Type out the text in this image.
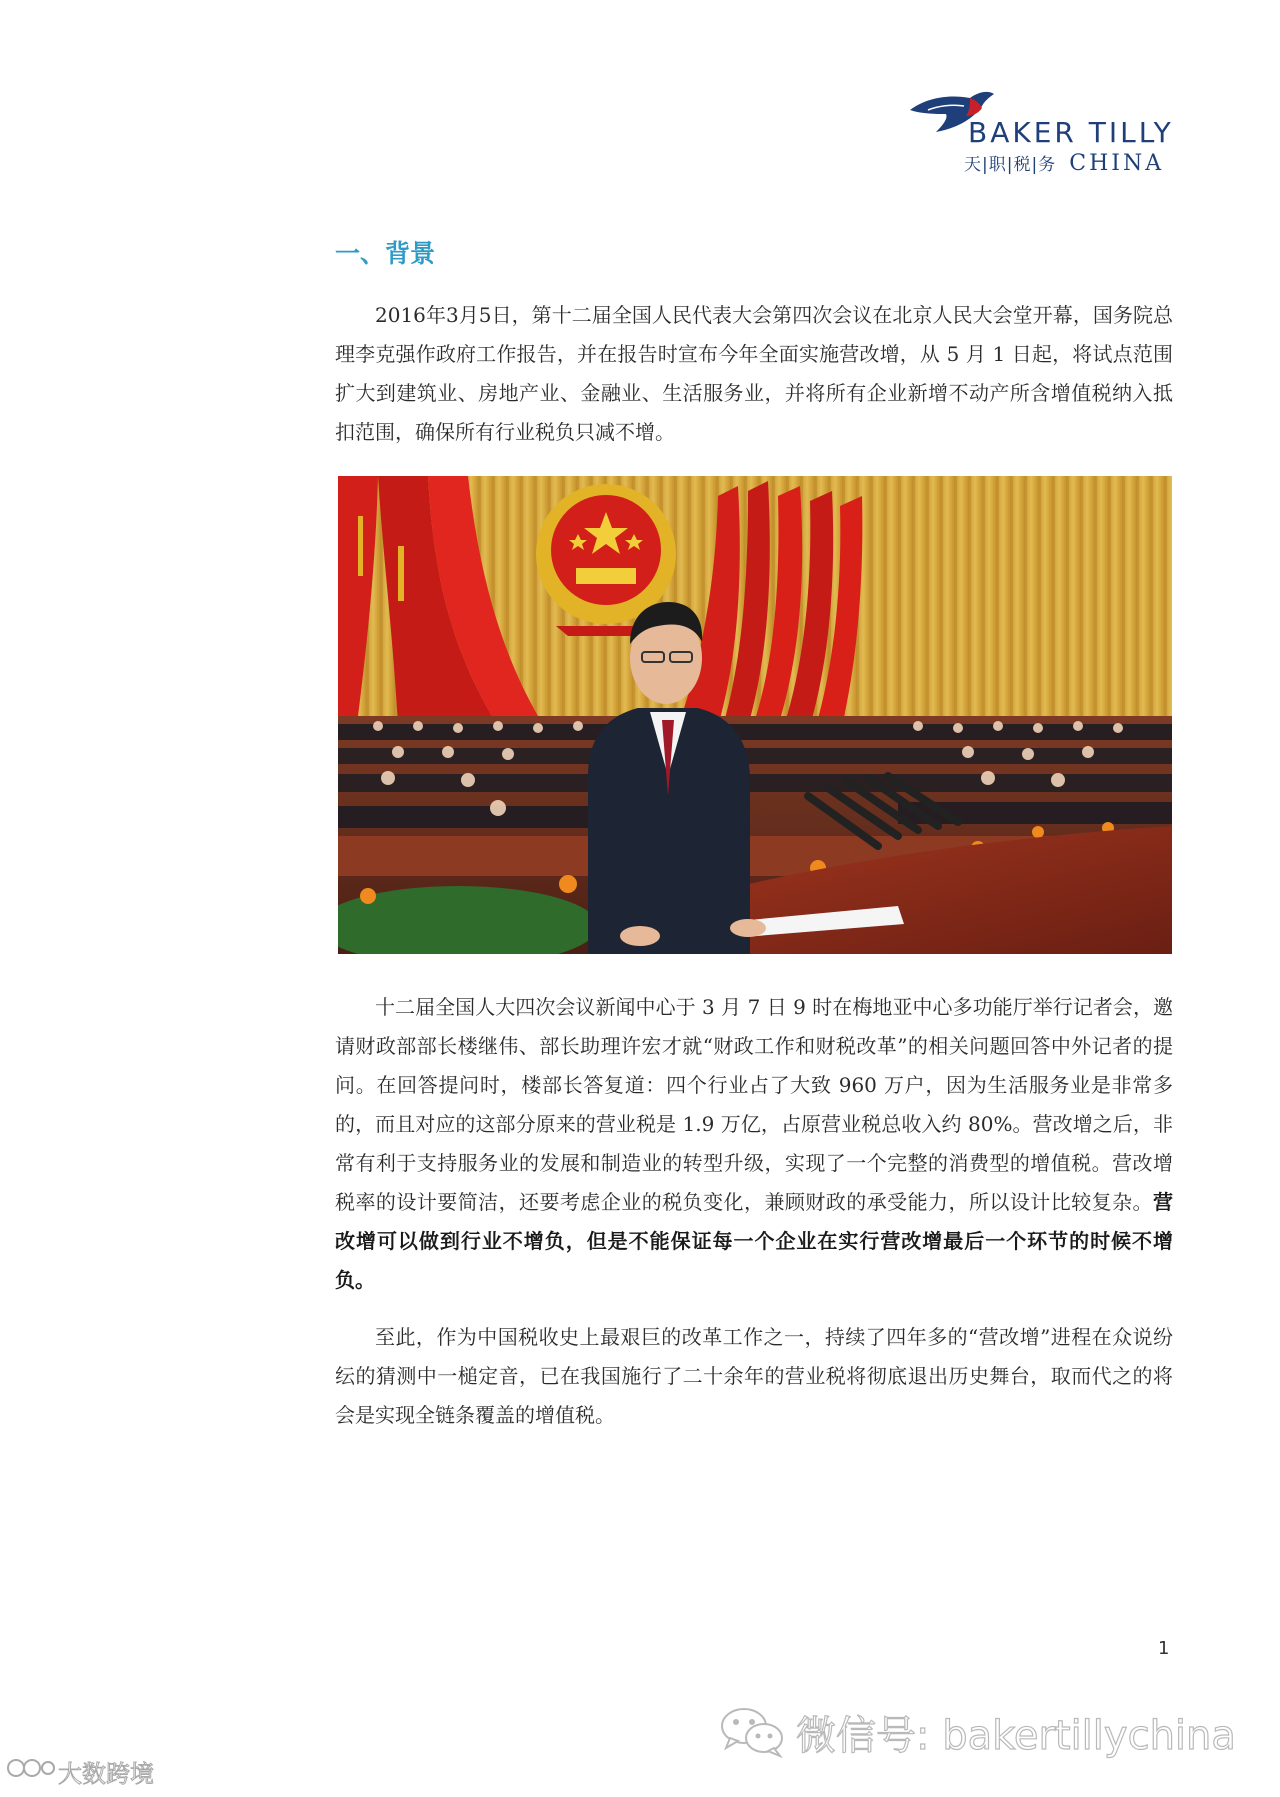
BAKER TILLY
天|职|税|务 CHINA
一、背景

2016年3月5日，第十二届全国人民代表大会第四次会议在北京人民大会堂开幕，国务院总理李克强作政府工作报告，并在报告时宣布今年全面实施营改增，从 5 月 1 日起，将试点范围扩大到建筑业、房地产业、金融业、生活服务业，并将所有企业新增不动产所含增值税纳入抵扣范围，确保所有行业税负只减不增。

十二届全国人大四次会议新闻中心于 3 月 7 日 9 时在梅地亚中心多功能厅举行记者会，邀请财政部部长楼继伟、部长助理许宏才就“财政工作和财税改革”的相关问题回答中外记者的提问。在回答提问时，楼部长答复道：四个行业占了大致 960 万户，因为生活服务业是非常多的，而且对应的这部分原来的营业税是 1.9 万亿，占原营业税总收入约 80%。营改增之后，非常有利于支持服务业的发展和制造业的转型升级，实现了一个完整的消费型的增值税。营改增税率的设计要简洁，还要考虑企业的税负变化，兼顾财政的承受能力，所以设计比较复杂。营改增可以做到行业不增负，但是不能保证每一个企业在实行营改增最后一个环节的时候不增负。

至此，作为中国税收史上最艰巨的改革工作之一，持续了四年多的“营改增”进程在众说纷纭的猜测中一槌定音，已在我国施行了二十余年的营业税将彻底退出历史舞台，取而代之的将会是实现全链条覆盖的增值税。

1
微信号: bakertillychina
大数跨境
